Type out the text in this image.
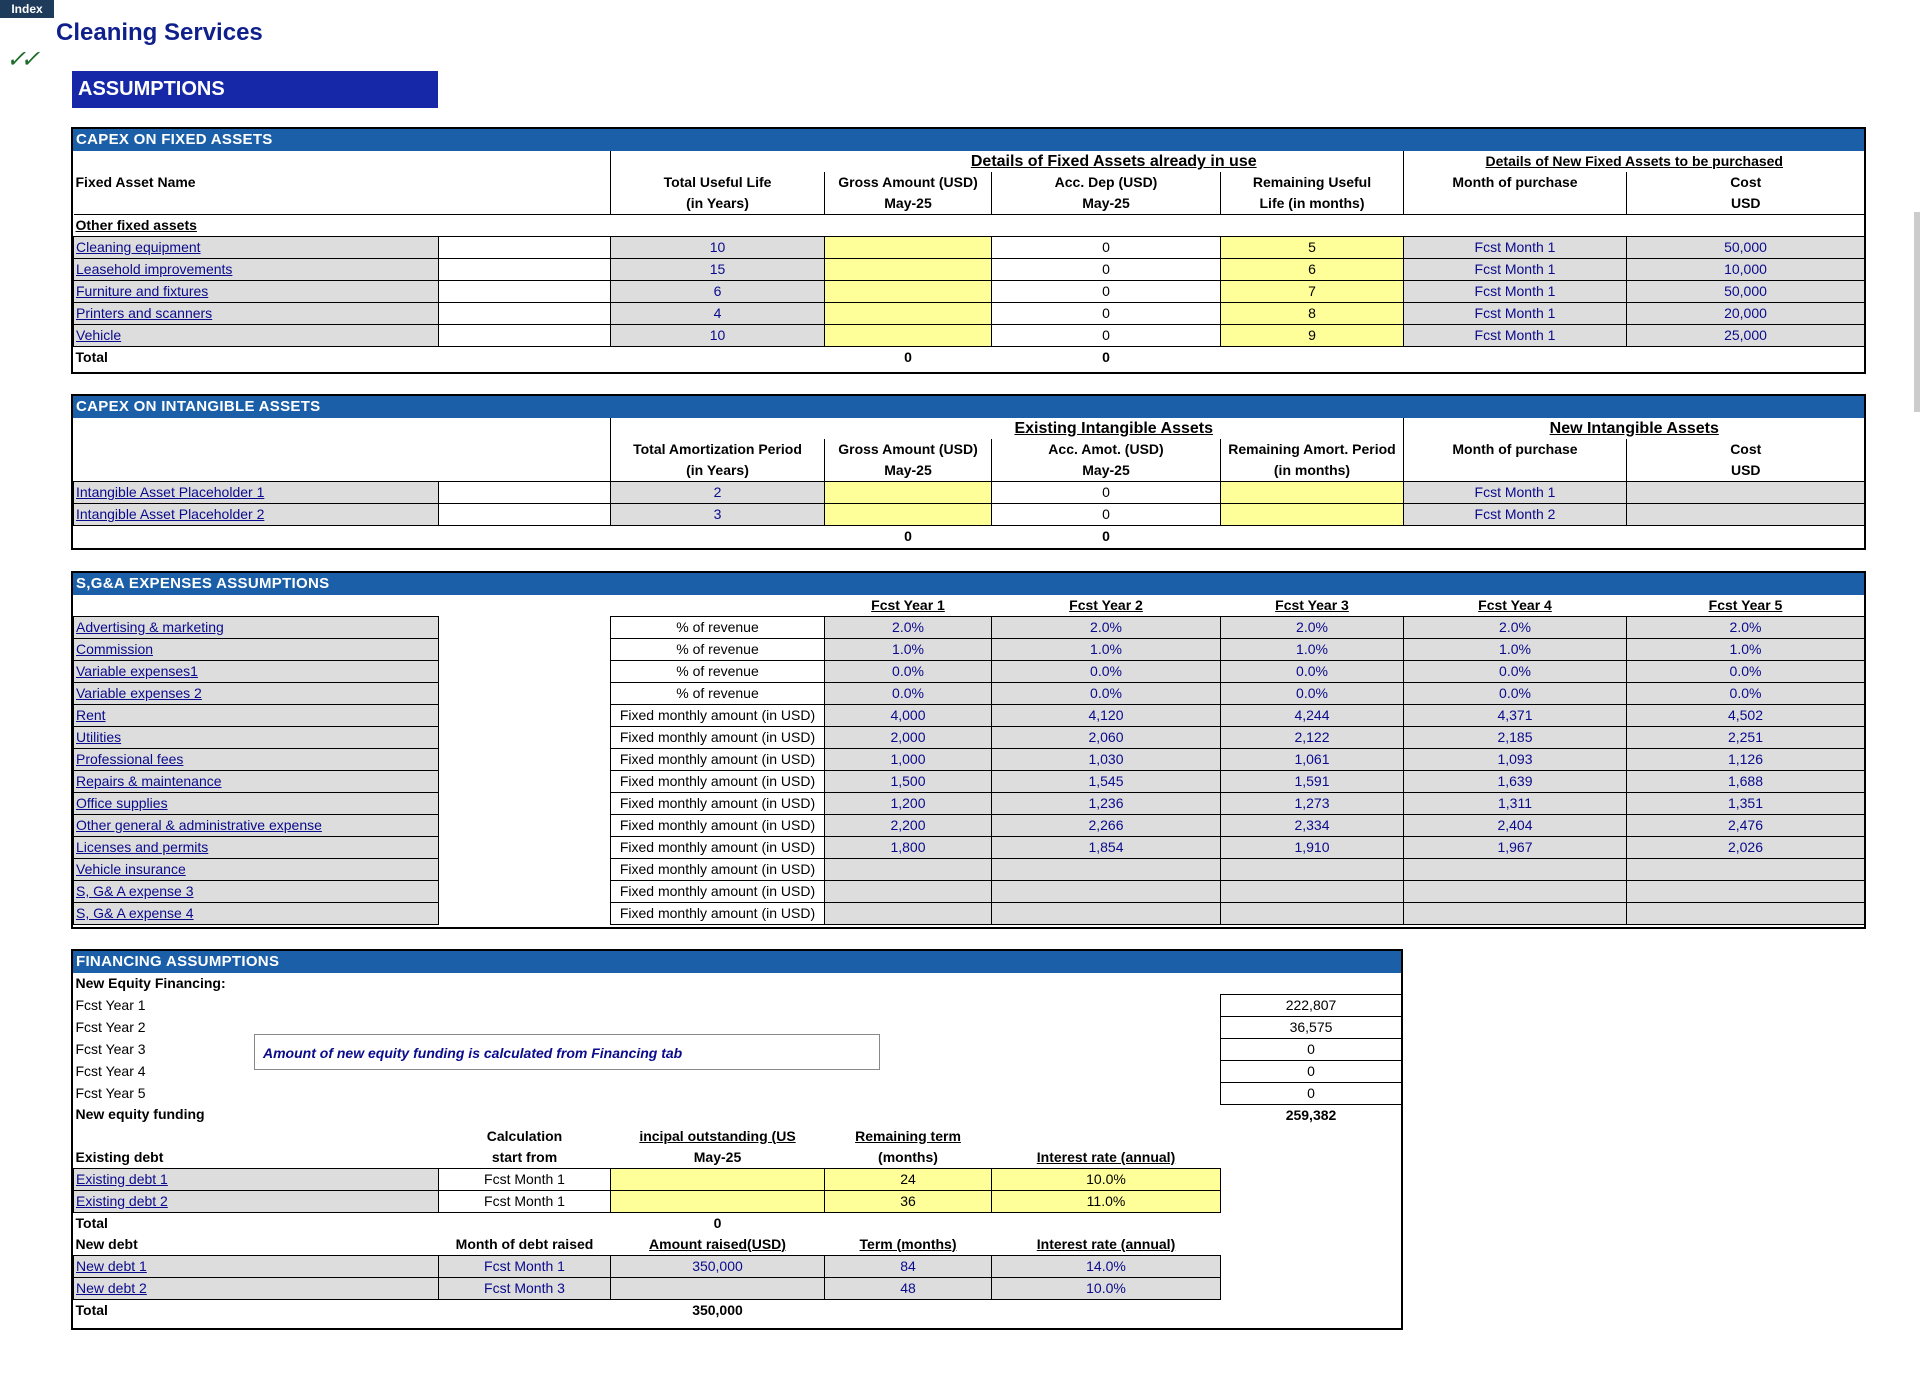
Index
Cleaning Services
✓✓
ASSUMPTIONS
CAPEX ON FIXED ASSETS
			Details of Fixed Assets already in use			Details of New Fixed Assets to be purchased	
Fixed Asset Name		Total Useful Life	Gross Amount (USD)	Acc. Dep (USD)	Remaining Useful	Month of purchase	Cost
		(in Years)	May-25	May-25	Life (in months)		USD
Other fixed assets							
Cleaning equipment		10		0	5	Fcst Month 1	50,000
Leasehold improvements		15		0	6	Fcst Month 1	10,000
Furniture and fixtures		6		0	7	Fcst Month 1	50,000
Printers and scanners		4		0	8	Fcst Month 1	20,000
Vehicle		10		0	9	Fcst Month 1	25,000
Total			0	0			
CAPEX ON INTANGIBLE ASSETS
			Existing Intangible Assets			New Intangible Assets	
		Total Amortization Period	Gross Amount (USD)	Acc. Amot. (USD)	Remaining Amort. Period	Month of purchase	Cost
		(in Years)	May-25	May-25	(in months)		USD
Intangible Asset Placeholder 1		2		0		Fcst Month 1	
Intangible Asset Placeholder 2		3		0		Fcst Month 2	
			0	0			
S,G&A EXPENSES ASSUMPTIONS
			Fcst Year 1	Fcst Year 2	Fcst Year 3	Fcst Year 4	Fcst Year 5
Advertising & marketing		% of revenue	2.0%	2.0%	2.0%	2.0%	2.0%
Commission		% of revenue	1.0%	1.0%	1.0%	1.0%	1.0%
Variable expenses1		% of revenue	0.0%	0.0%	0.0%	0.0%	0.0%
Variable expenses 2		% of revenue	0.0%	0.0%	0.0%	0.0%	0.0%
Rent		Fixed monthly amount (in USD)	4,000	4,120	4,244	4,371	4,502
Utilities		Fixed monthly amount (in USD)	2,000	2,060	2,122	2,185	2,251
Professional fees		Fixed monthly amount (in USD)	1,000	1,030	1,061	1,093	1,126
Repairs & maintenance		Fixed monthly amount (in USD)	1,500	1,545	1,591	1,639	1,688
Office supplies		Fixed monthly amount (in USD)	1,200	1,236	1,273	1,311	1,351
Other general & administrative expense		Fixed monthly amount (in USD)	2,200	2,266	2,334	2,404	2,476
Licenses and permits		Fixed monthly amount (in USD)	1,800	1,854	1,910	1,967	2,026
Vehicle insurance		Fixed monthly amount (in USD)					
S, G& A expense 3		Fixed monthly amount (in USD)					
S, G& A expense 4		Fixed monthly amount (in USD)					
FINANCING ASSUMPTIONS
New Equity Financing:					
Fcst Year 1					222,807
Fcst Year 2					36,575
Fcst Year 3					0
Fcst Year 4					0
Fcst Year 5					0
New equity funding					259,382
	Calculation	incipal outstanding (US	Remaining term		
Existing debt	start from	May-25	(months)	Interest rate (annual)	
Existing debt 1	Fcst Month 1		24	10.0%	
Existing debt 2	Fcst Month 1		36	11.0%	
Total		0			
New debt	Month of debt raised	Amount raised(USD)	Term (months)	Interest rate (annual)	
New debt 1	Fcst Month 1	350,000	84	14.0%	
New debt 2	Fcst Month 3		48	10.0%	
Total		350,000			
Amount of new equity funding is calculated from Financing tab
